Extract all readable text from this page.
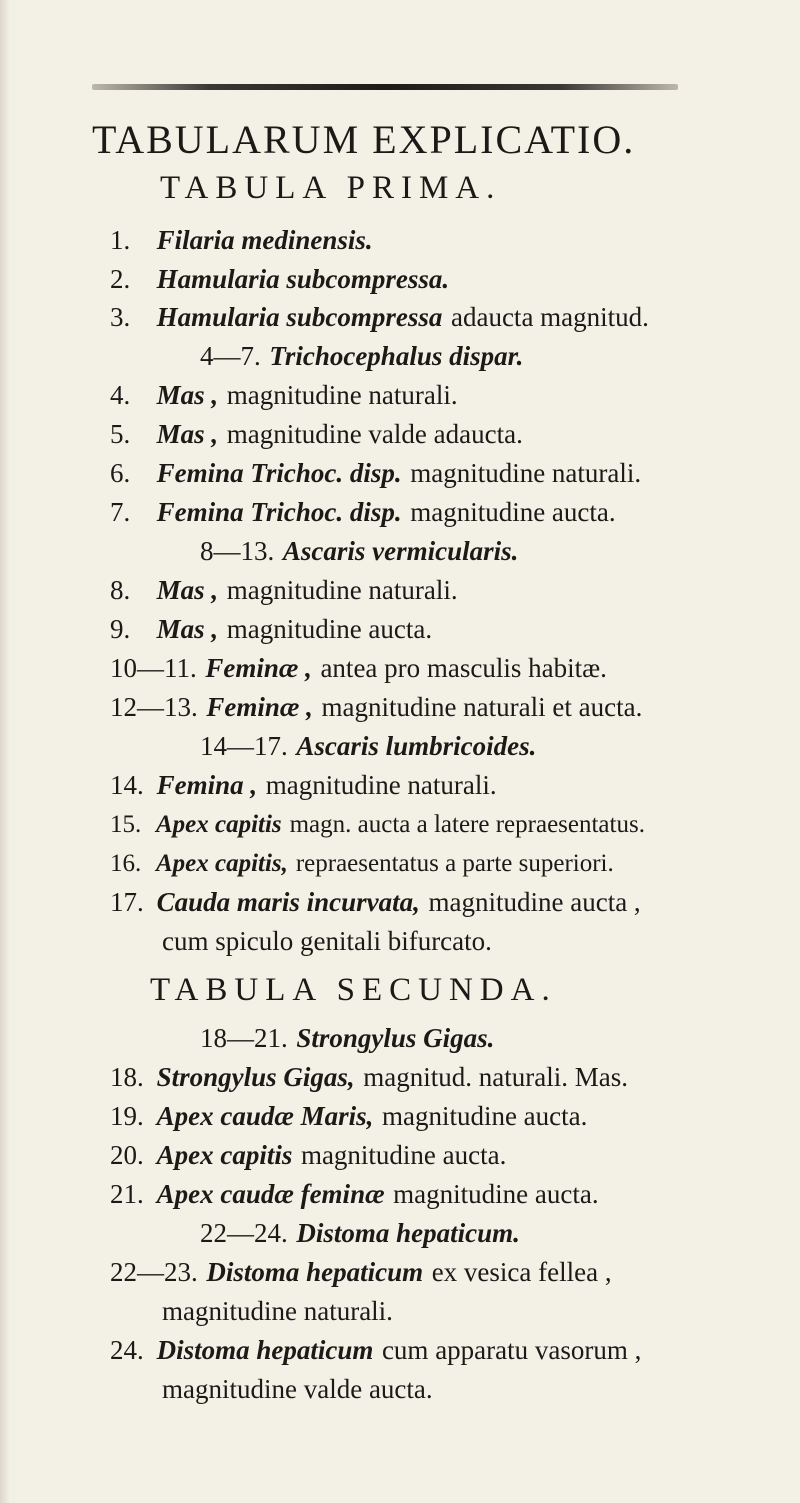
TABULARUM EXPLICATIO.
TABULA PRIMA.
1. Filaria medinensis.
2. Hamularia subcompressa.
3. Hamularia subcompressa adaucta magnitud.
4—7. Trichocephalus dispar.
4. Mas , magnitudine naturali.
5. Mas , magnitudine valde adaucta.
6. Femina Trichoc. disp. magnitudine naturali.
7. Femina Trichoc. disp. magnitudine aucta.
8—13. Ascaris vermicularis.
8. Mas , magnitudine naturali.
9. Mas , magnitudine aucta.
10—11. Feminæ , antea pro masculis habitæ.
12—13. Feminæ , magnitudine naturali et aucta.
14—17. Ascaris lumbricoides.
14. Femina , magnitudine naturali.
15. Apex capitis magn. aucta a latere repraesentatus.
16. Apex capitis, repraesentatus a parte superiori.
17. Cauda maris incurvata, magnitudine aucta ,
cum spiculo genitali bifurcato.
TABULA SECUNDA.
18—21. Strongylus Gigas.
18. Strongylus Gigas, magnitud. naturali. Mas.
19. Apex caudæ Maris, magnitudine aucta.
20. Apex capitis magnitudine aucta.
21. Apex caudæ feminæ magnitudine aucta.
22—24. Distoma hepaticum.
22—23. Distoma hepaticum ex vesica fellea ,
magnitudine naturali.
24. Distoma hepaticum cum apparatu vasorum ,
magnitudine valde aucta.
